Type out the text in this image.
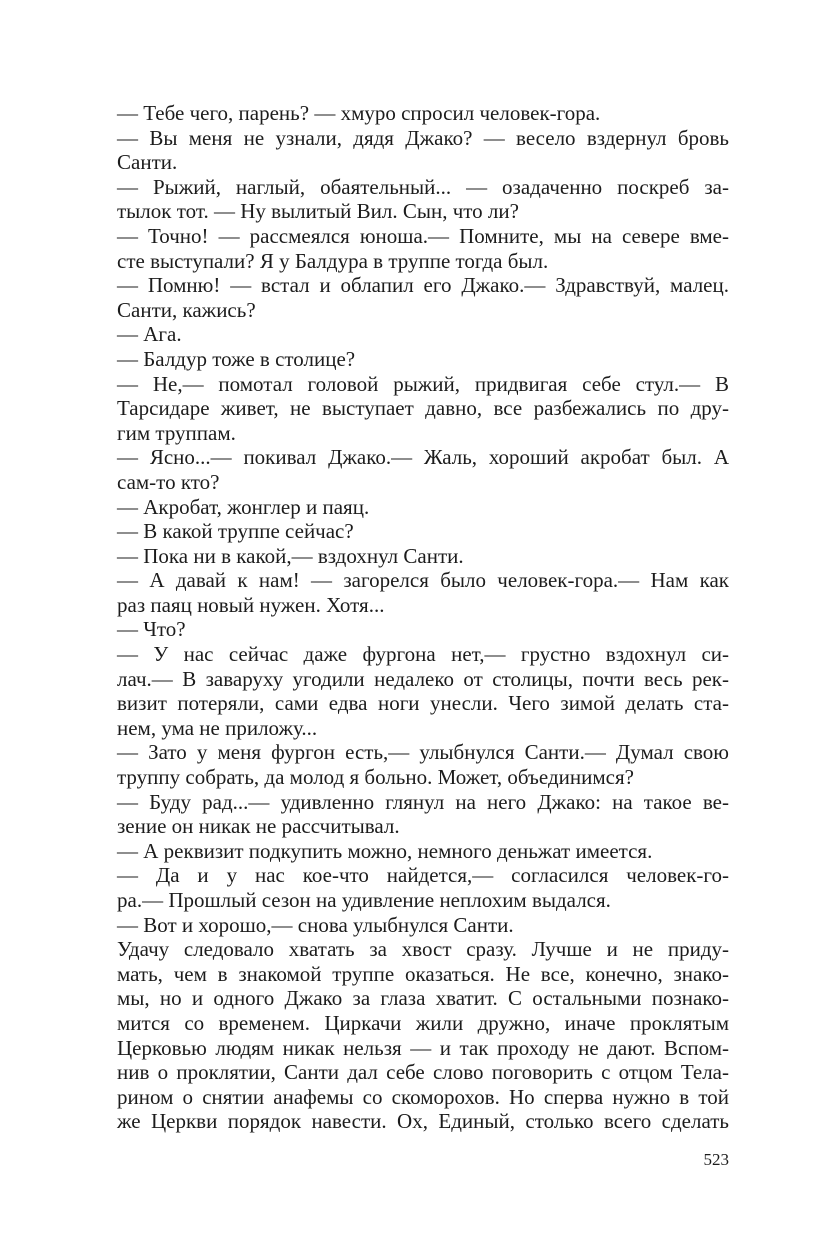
— Тебе чего, парень? — хмуро спросил человек-гора.
— Вы меня не узнали, дядя Джако? — весело вздернул бровь
Санти.
— Рыжий, наглый, обаятельный... — озадаченно поскреб за-
тылок тот. — Ну вылитый Вил. Сын, что ли?
— Точно! — рассмеялся юноша.— Помните, мы на севере вме-
сте выступали? Я у Балдура в труппе тогда был.
— Помню! — встал и облапил его Джако.— Здравствуй, малец.
Санти, кажись?
— Ага.
— Балдур тоже в столице?
— Не,— помотал головой рыжий, придвигая себе стул.— В
Тарсидаре живет, не выступает давно, все разбежались по дру-
гим труппам.
— Ясно...— покивал Джако.— Жаль, хороший акробат был. А
сам-то кто?
— Акробат, жонглер и паяц.
— В какой труппе сейчас?
— Пока ни в какой,— вздохнул Санти.
— А давай к нам! — загорелся было человек-гора.— Нам как
раз паяц новый нужен. Хотя...
— Что?
— У нас сейчас даже фургона нет,— грустно вздохнул си-
лач.— В заваруху угодили недалеко от столицы, почти весь рек-
визит потеряли, сами едва ноги унесли. Чего зимой делать ста-
нем, ума не приложу...
— Зато у меня фургон есть,— улыбнулся Санти.— Думал свою
труппу собрать, да молод я больно. Может, объединимся?
— Буду рад...— удивленно глянул на него Джако: на такое ве-
зение он никак не рассчитывал.
— А реквизит подкупить можно, немного деньжат имеется.
— Да и у нас кое-что найдется,— согласился человек-го-
ра.— Прошлый сезон на удивление неплохим выдался.
— Вот и хорошо,— снова улыбнулся Санти.
Удачу следовало хватать за хвост сразу. Лучше и не приду-
мать, чем в знакомой труппе оказаться. Не все, конечно, знако-
мы, но и одного Джако за глаза хватит. С остальными познако-
мится со временем. Циркачи жили дружно, иначе проклятым
Церковью людям никак нельзя — и так проходу не дают. Вспом-
нив о проклятии, Санти дал себе слово поговорить с отцом Тела-
рином о снятии анафемы со скоморохов. Но сперва нужно в той
же Церкви порядок навести. Ох, Единый, столько всего сделать
523
